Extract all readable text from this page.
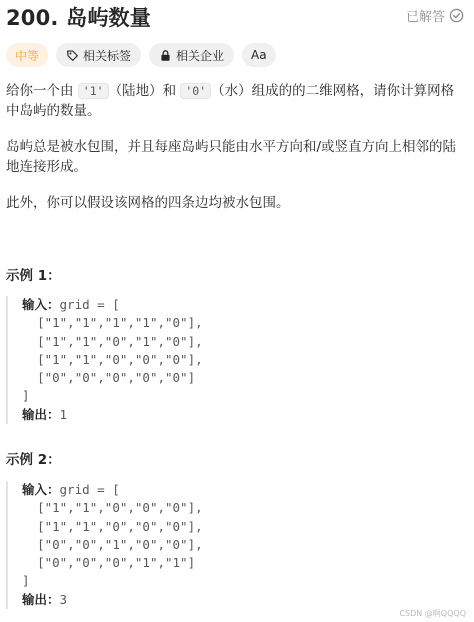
200. 岛屿数量	已解答
中等	相关标签	相关企业 Aa
给你一个由 '1' （陆地）和 '0' （水）组成的的二维网格，请你计算网格中岛屿的数量。
岛屿总是被水包围，并且每座岛屿只能由水平方向和/或竖直方向上相邻的陆地连接形成。
此外，你可以假设该网格的四条边均被水包围。
示例 1：
输入：grid = [
["1","1","1","1","0"],
["1","1","0","1","0"],
["1","1","0","0","0"],
["0","0","0","0","0"]
]
输出：1
示例 2：
输入：grid = [
["1","1","0","0","0"],
["1","1","0","0","0"],
["0","0","1","0","0"],
["0","0","0","1","1"]
]
输出：3
CSDN @啊QQQQ
